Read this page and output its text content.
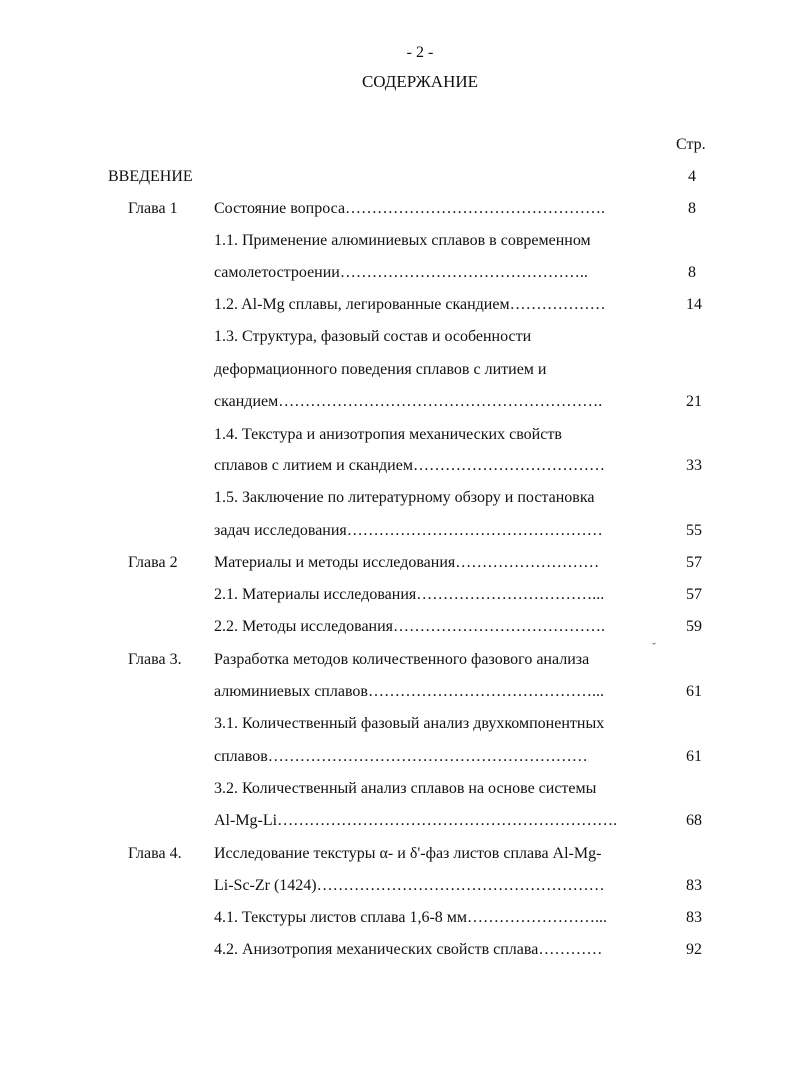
- 2 -
СОДЕРЖАНИЕ
Стр.
ВВЕДЕНИЕ	4
Глава 1
Глава 2
Глава 3.
Глава 4.
Состояние вопроса………………………………………….
1.1. Применение алюминиевых сплавов в современном
самолетостроении………………………………………..
1.2. Al-Mg сплавы, легированные скандием………………
1.3. Структура, фазовый состав и особенности
деформационного поведения сплавов с литием и
скандием…………………………………………………….
1.4. Текстура и анизотропия механических свойств
сплавов с литием и скандием………………………………
1.5. Заключение по литературному обзору и постановка
задач исследования…………………………………………
Материалы и методы исследования………………………
2.1. Материалы исследования……………………………...
2.2. Методы исследования………………………………….
Разработка методов количественного фазового анализа
алюминиевых сплавов……………………………………...
3.1. Количественный фазовый анализ двухкомпонентных
сплавов……………………………………………………
3.2. Количественный анализ сплавов на основе системы
Al-Mg-Li……………………………………………………….
Исследование текстуры α- и δ'-фаз листов сплава Al-Mg-
Li-Sc-Zr (1424)………………………………………………
4.1. Текстуры листов сплава 1,6-8 мм……………………...
4.2. Анизотропия механических свойств сплава…………
8
8
14
21
33
55
57
57
59
61
61
68
83
83
92
ˇ
